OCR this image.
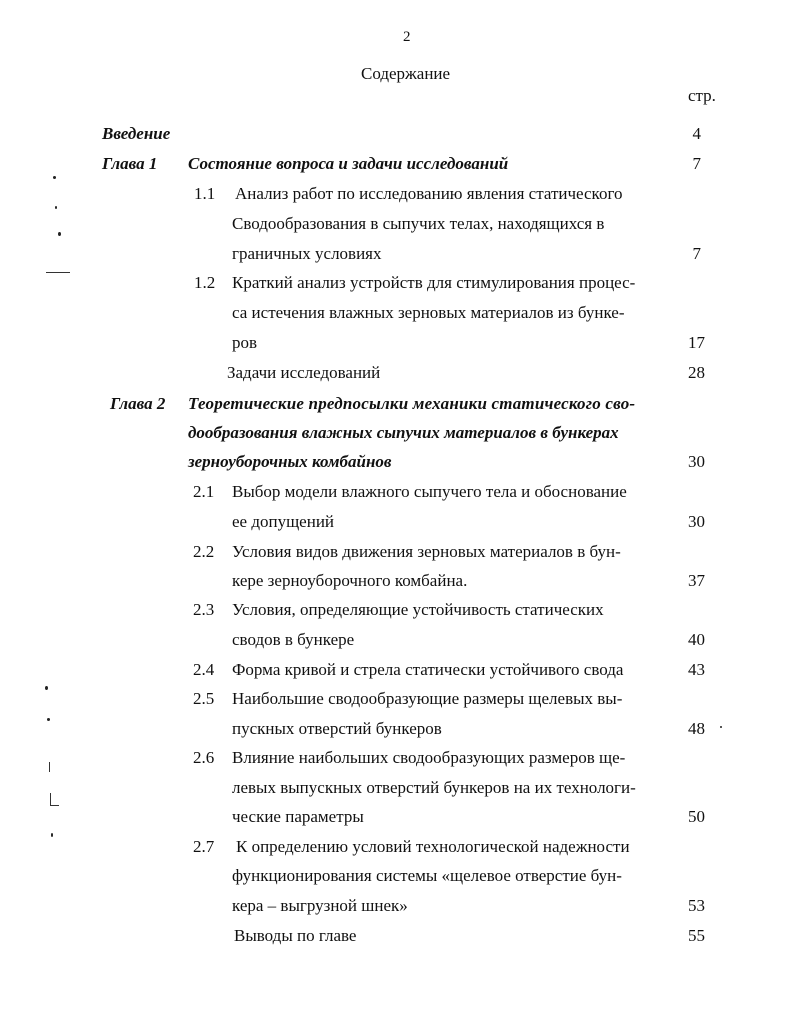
2
Содержание
стр.
Введение	4
Глава 1 Состояние вопроса и задачи исследований	7
1.1 Анализ работ по исследованию явления статического
Сводообразования в сыпучих телах, находящихся в
граничных условиях	7
1.2 Краткий анализ устройств для стимулирования процес-
са истечения влажных зерновых материалов из бунке-
ров	17
Задачи исследований	28
Глава 2 Теоретические предпосылки механики статического сво-
дообразования влажных сыпучих материалов в бункерах
зерноуборочных комбайнов	30
2.1 Выбор модели влажного сыпучего тела и обоснование
ее допущений	30
2.2 Условия видов движения зерновых материалов в бун-
кере зерноуборочного комбайна.	37
2.3 Условия, определяющие устойчивость статических
сводов в бункере	40
2.4 Форма кривой и стрела статически устойчивого свода	43
2.5 Наибольшие сводообразующие размеры щелевых вы-
пускных отверстий бункеров	48
2.6 Влияние наибольших сводообразующих размеров ще-
левых выпускных отверстий бункеров на их технологи-
ческие параметры	50
2.7 К определению условий технологической надежности
функционирования системы «щелевое отверстие бун-
кера – выгрузной шнек»	53
Выводы по главе	55
